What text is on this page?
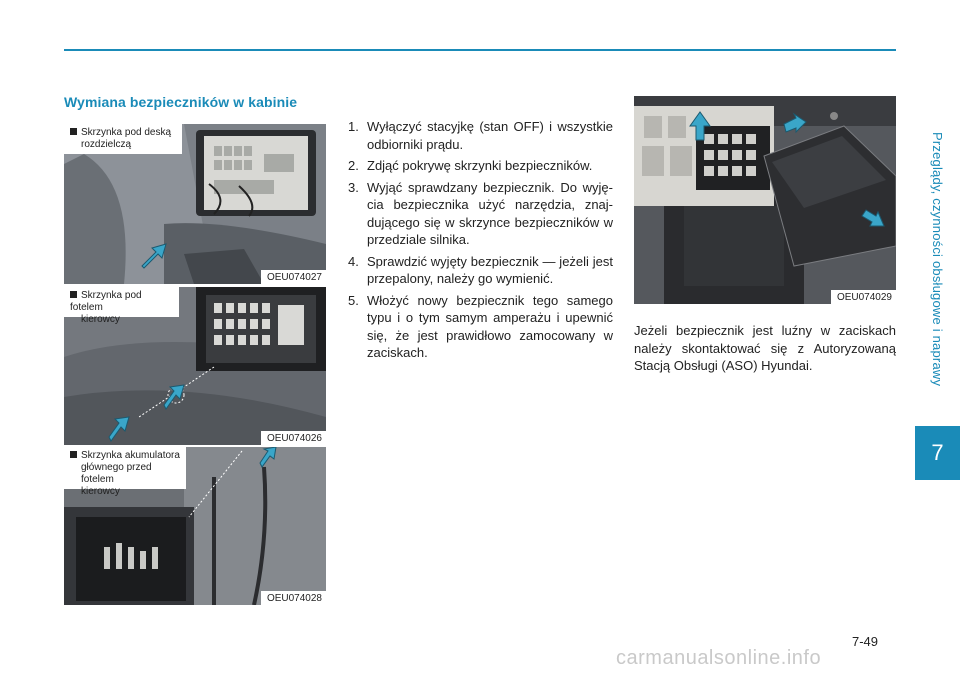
Wymiana bezpieczników w kabinie
Skrzynka pod deską
rozdzielczą
OEU074027
Skrzynka pod fotelem
kierowcy
OEU074026
Skrzynka akumulatora
głównego przed fotelem
kierowcy
OEU074028
1. Wyłączyć stacyjkę (stan OFF) i wszystkie odbiorniki prądu.
2. Zdjąć pokrywę skrzynki bezpieczników.
3. Wyjąć sprawdzany bezpiecznik. Do wyję-cia bezpiecznika użyć narzędzia, znaj-dującego się w skrzynce bezpieczników w przedziale silnika.
4. Sprawdzić wyjęty bezpiecznik — jeżeli jest przepalony, należy go wymienić.
5. Włożyć nowy bezpiecznik tego samego typu i o tym samym amperażu i upewnić się, że jest prawidłowo zamocowany w zaciskach.
OEU074029
Jeżeli bezpiecznik jest luźny w zaciskach należy skontaktować się z Autoryzowaną Stacją Obsługi (ASO) Hyundai.	Przeglądy, czynności obsługowe i naprawy
7
7-49
carmanualsonline.info
